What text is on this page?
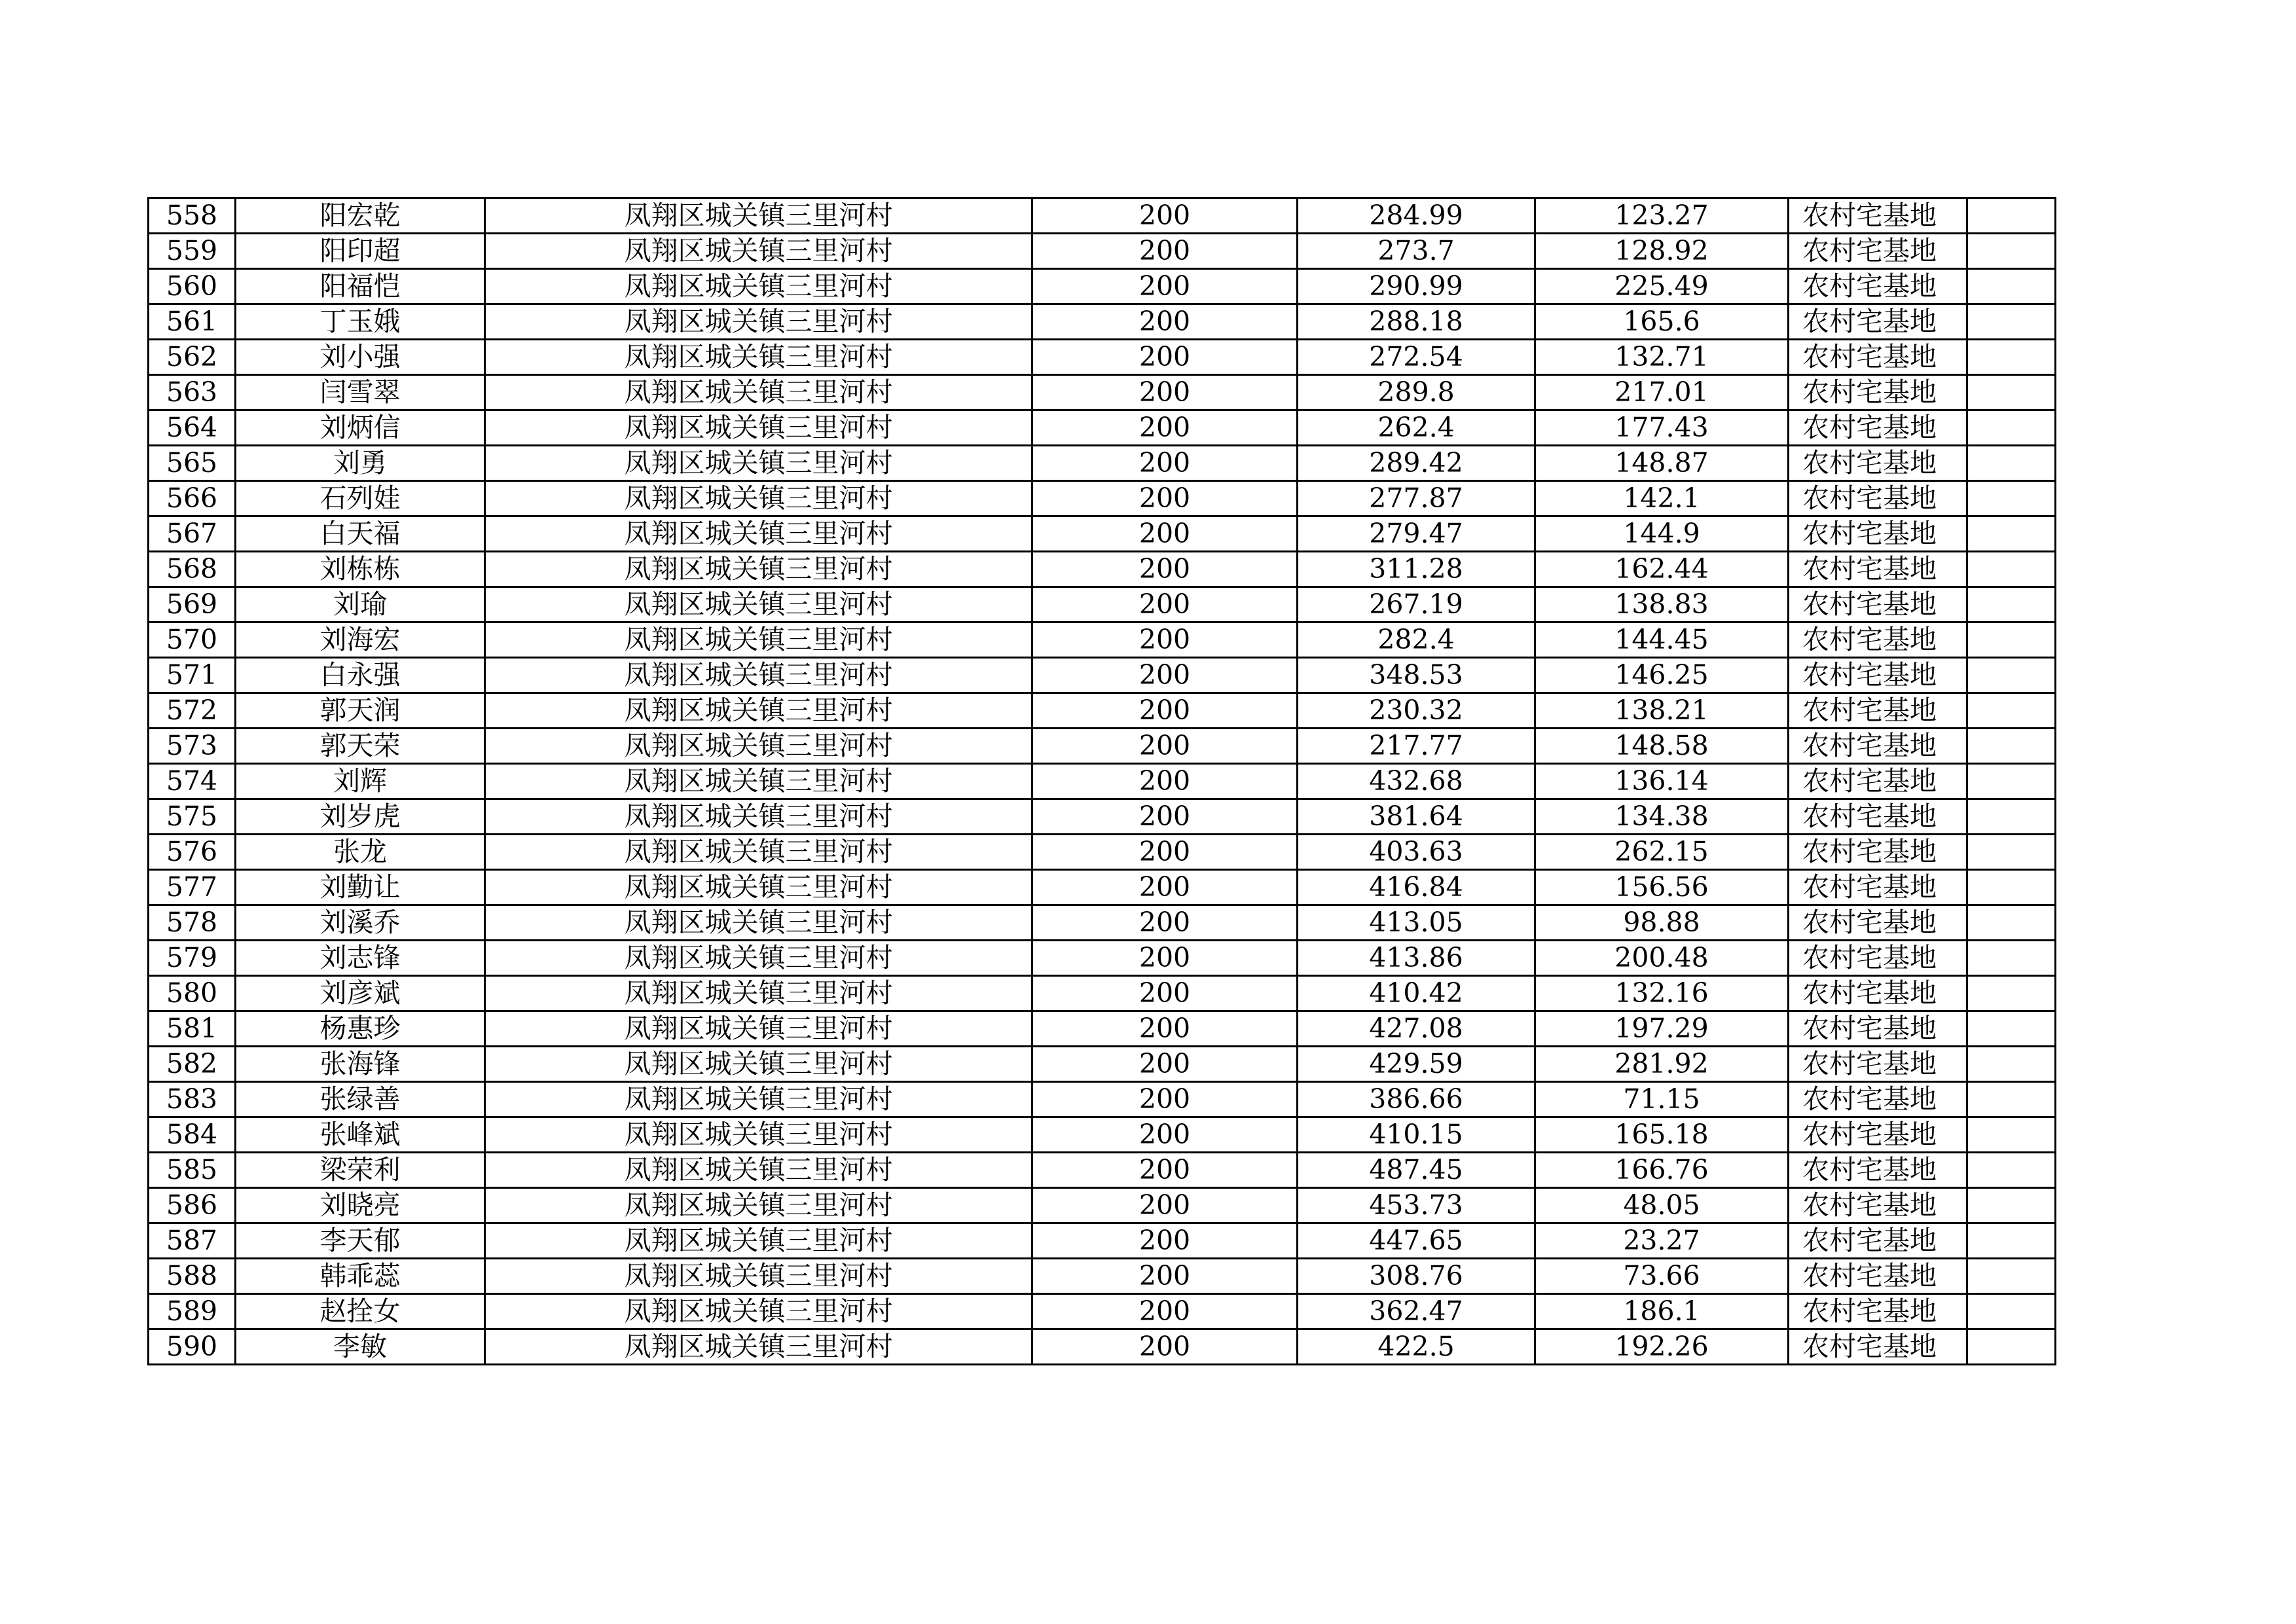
558	阳宏乾	凤翔区城关镇三里河村	200	284.99	123.27	农村宅基地	
559	阳印超	凤翔区城关镇三里河村	200	273.7	128.92	农村宅基地	
560	阳福恺	凤翔区城关镇三里河村	200	290.99	225.49	农村宅基地	
561	丁玉娥	凤翔区城关镇三里河村	200	288.18	165.6	农村宅基地	
562	刘小强	凤翔区城关镇三里河村	200	272.54	132.71	农村宅基地	
563	闫雪翠	凤翔区城关镇三里河村	200	289.8	217.01	农村宅基地	
564	刘炳信	凤翔区城关镇三里河村	200	262.4	177.43	农村宅基地	
565	刘勇	凤翔区城关镇三里河村	200	289.42	148.87	农村宅基地	
566	石列娃	凤翔区城关镇三里河村	200	277.87	142.1	农村宅基地	
567	白天福	凤翔区城关镇三里河村	200	279.47	144.9	农村宅基地	
568	刘栋栋	凤翔区城关镇三里河村	200	311.28	162.44	农村宅基地	
569	刘瑜	凤翔区城关镇三里河村	200	267.19	138.83	农村宅基地	
570	刘海宏	凤翔区城关镇三里河村	200	282.4	144.45	农村宅基地	
571	白永强	凤翔区城关镇三里河村	200	348.53	146.25	农村宅基地	
572	郭天润	凤翔区城关镇三里河村	200	230.32	138.21	农村宅基地	
573	郭天荣	凤翔区城关镇三里河村	200	217.77	148.58	农村宅基地	
574	刘辉	凤翔区城关镇三里河村	200	432.68	136.14	农村宅基地	
575	刘岁虎	凤翔区城关镇三里河村	200	381.64	134.38	农村宅基地	
576	张龙	凤翔区城关镇三里河村	200	403.63	262.15	农村宅基地	
577	刘勤让	凤翔区城关镇三里河村	200	416.84	156.56	农村宅基地	
578	刘溪乔	凤翔区城关镇三里河村	200	413.05	98.88	农村宅基地	
579	刘志锋	凤翔区城关镇三里河村	200	413.86	200.48	农村宅基地	
580	刘彦斌	凤翔区城关镇三里河村	200	410.42	132.16	农村宅基地	
581	杨惠珍	凤翔区城关镇三里河村	200	427.08	197.29	农村宅基地	
582	张海锋	凤翔区城关镇三里河村	200	429.59	281.92	农村宅基地	
583	张绿善	凤翔区城关镇三里河村	200	386.66	71.15	农村宅基地	
584	张峰斌	凤翔区城关镇三里河村	200	410.15	165.18	农村宅基地	
585	梁荣利	凤翔区城关镇三里河村	200	487.45	166.76	农村宅基地	
586	刘晓亮	凤翔区城关镇三里河村	200	453.73	48.05	农村宅基地	
587	李天郁	凤翔区城关镇三里河村	200	447.65	23.27	农村宅基地	
588	韩乖蕊	凤翔区城关镇三里河村	200	308.76	73.66	农村宅基地	
589	赵拴女	凤翔区城关镇三里河村	200	362.47	186.1	农村宅基地	
590	李敏	凤翔区城关镇三里河村	200	422.5	192.26	农村宅基地	
